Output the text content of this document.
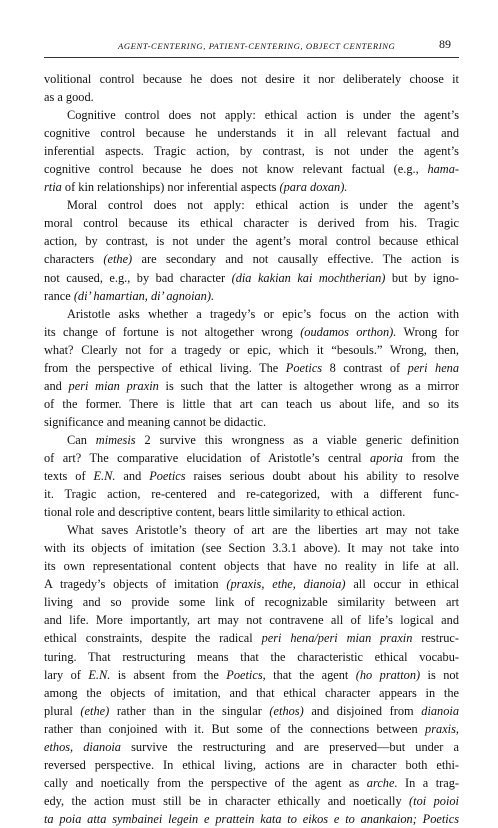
AGENT-CENTERING, PATIENT-CENTERING, OBJECT CENTERING	89
volitional control because he does not desire it nor deliberately choose it
as a good.
Cognitive control does not apply: ethical action is under the agent’s
cognitive control because he understands it in all relevant factual and
inferential aspects. Tragic action, by contrast, is not under the agent’s
cognitive control because he does not know relevant factual (e.g., hama-
rtia of kin relationships) nor inferential aspects (para doxan).
Moral control does not apply: ethical action is under the agent’s
moral control because its ethical character is derived from his. Tragic
action, by contrast, is not under the agent’s moral control because ethical
characters (ethe) are secondary and not causally effective. The action is
not caused, e.g., by bad character (dia kakian kai mochtherian) but by igno-
rance (di’ hamartian, di’ agnoian).
Aristotle asks whether a tragedy’s or epic’s focus on the action with
its change of fortune is not altogether wrong (oudamos orthon). Wrong for
what? Clearly not for a tragedy or epic, which it “besouls.” Wrong, then,
from the perspective of ethical living. The Poetics 8 contrast of peri hena
and peri mian praxin is such that the latter is altogether wrong as a mirror
of the former. There is little that art can teach us about life, and so its
significance and meaning cannot be didactic.
Can mimesis 2 survive this wrongness as a viable generic definition
of art? The comparative elucidation of Aristotle’s central aporia from the
texts of E.N. and Poetics raises serious doubt about his ability to resolve
it. Tragic action, re-centered and re-categorized, with a different func-
tional role and descriptive content, bears little similarity to ethical action.
What saves Aristotle’s theory of art are the liberties art may not take
with its objects of imitation (see Section 3.3.1 above). It may not take into
its own representational content objects that have no reality in life at all.
A tragedy’s objects of imitation (praxis, ethe, dianoia) all occur in ethical
living and so provide some link of recognizable similarity between art
and life. More importantly, art may not contravene all of life’s logical and
ethical constraints, despite the radical peri hena/peri mian praxin restruc-
turing. That restructuring means that the characteristic ethical vocabu-
lary of E.N. is absent from the Poetics, that the agent (ho pratton) is not
among the objects of imitation, and that ethical character appears in the
plural (ethe) rather than in the singular (ethos) and disjoined from dianoia
rather than conjoined with it. But some of the connections between praxis,
ethos, dianoia survive the restructuring and are preserved—but under a
reversed perspective. In ethical living, actions are in character both ethi-
cally and noetically from the perspective of the agent as arche. In a trag-
edy, the action must still be in character ethically and noetically (toi poioi
ta poia atta symbainei legein e prattein kata to eikos e to anankaion; Poetics
